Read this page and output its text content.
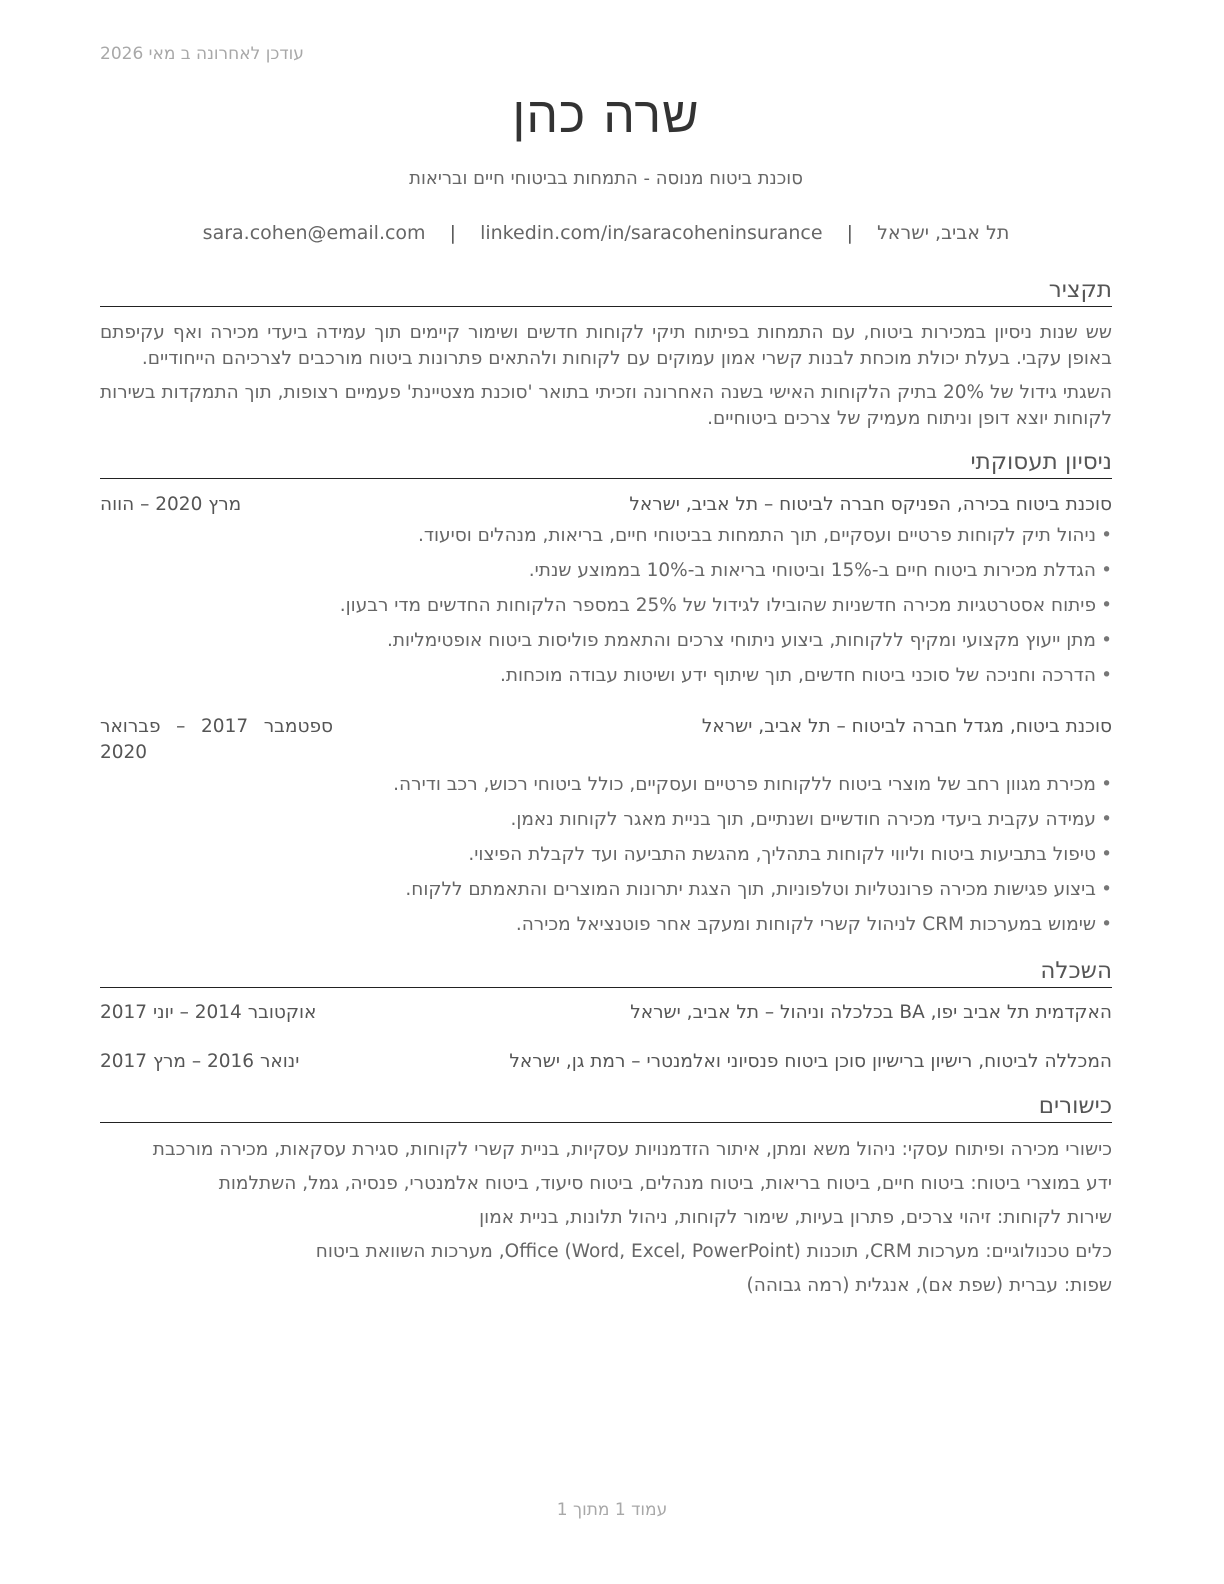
עודכן לאחרונה ב מאי 2026
שרה כהן
סוכנת ביטוח מנוסה - התמחות בביטוחי חיים ובריאות
תל אביב, ישראל | sara.cohen@email.com | linkedin.com/in/saracoheninsurance
תקציר
שש שנות ניסיון במכירות ביטוח, עם התמחות בפיתוח תיקי לקוחות חדשים ושימור קיימים תוך עמידה ביעדי מכירה ואף עקיפתם באופן עקבי. בעלת יכולת מוכחת לבנות קשרי אמון עמוקים עם לקוחות ולהתאים פתרונות ביטוח מורכבים לצרכיהם הייחודיים.
השגתי גידול של 20% בתיק הלקוחות האישי בשנה האחרונה וזכיתי בתואר 'סוכנת מצטיינת' פעמיים רצופות, תוך התמקדות בשירות לקוחות יוצא דופן וניתוח מעמיק של צרכים ביטוחיים.
ניסיון תעסוקתי
סוכנת ביטוח בכירה, הפניקס חברה לביטוח – תל אביב, ישראל
מרץ 2020 – הווה
• ניהול תיק לקוחות פרטיים ועסקיים, תוך התמחות בביטוחי חיים, בריאות, מנהלים וסיעוד.
• הגדלת מכירות ביטוח חיים ב-15% וביטוחי בריאות ב-10% בממוצע שנתי.
• פיתוח אסטרטגיות מכירה חדשניות שהובילו לגידול של 25% במספר הלקוחות החדשים מדי רבעון.
• מתן ייעוץ מקצועי ומקיף ללקוחות, ביצוע ניתוחי צרכים והתאמת פוליסות ביטוח אופטימליות.
• הדרכה וחניכה של סוכני ביטוח חדשים, תוך שיתוף ידע ושיטות עבודה מוכחות.
סוכנת ביטוח, מגדל חברה לביטוח – תל אביב, ישראל
ספטמבר 2017 – פברואר 2020
• מכירת מגוון רחב של מוצרי ביטוח ללקוחות פרטיים ועסקיים, כולל ביטוחי רכוש, רכב ודירה.
• עמידה עקבית ביעדי מכירה חודשיים ושנתיים, תוך בניית מאגר לקוחות נאמן.
• טיפול בתביעות ביטוח וליווי לקוחות בתהליך, מהגשת התביעה ועד לקבלת הפיצוי.
• ביצוע פגישות מכירה פרונטליות וטלפוניות, תוך הצגת יתרונות המוצרים והתאמתם ללקוח.
• שימוש במערכות CRM לניהול קשרי לקוחות ומעקב אחר פוטנציאל מכירה.
השכלה
האקדמית תל אביב יפו, BA בכלכלה וניהול – תל אביב, ישראל
אוקטובר 2014 – יוני 2017
המכללה לביטוח, רישיון ברישיון סוכן ביטוח פנסיוני ואלמנטרי – רמת גן, ישראל
ינואר 2016 – מרץ 2017
כישורים
כישורי מכירה ופיתוח עסקי: ניהול משא ומתן, איתור הזדמנויות עסקיות, בניית קשרי לקוחות, סגירת עסקאות, מכירה מורכבת
ידע במוצרי ביטוח: ביטוח חיים, ביטוח בריאות, ביטוח מנהלים, ביטוח סיעוד, ביטוח אלמנטרי, פנסיה, גמל, השתלמות
שירות לקוחות: זיהוי צרכים, פתרון בעיות, שימור לקוחות, ניהול תלונות, בניית אמון
כלים טכנולוגיים: מערכות CRM, תוכנות Office (Word, Excel, PowerPoint), מערכות השוואת ביטוח
שפות: עברית (שפת אם), אנגלית (רמה גבוהה)
עמוד 1 מתוך 1
